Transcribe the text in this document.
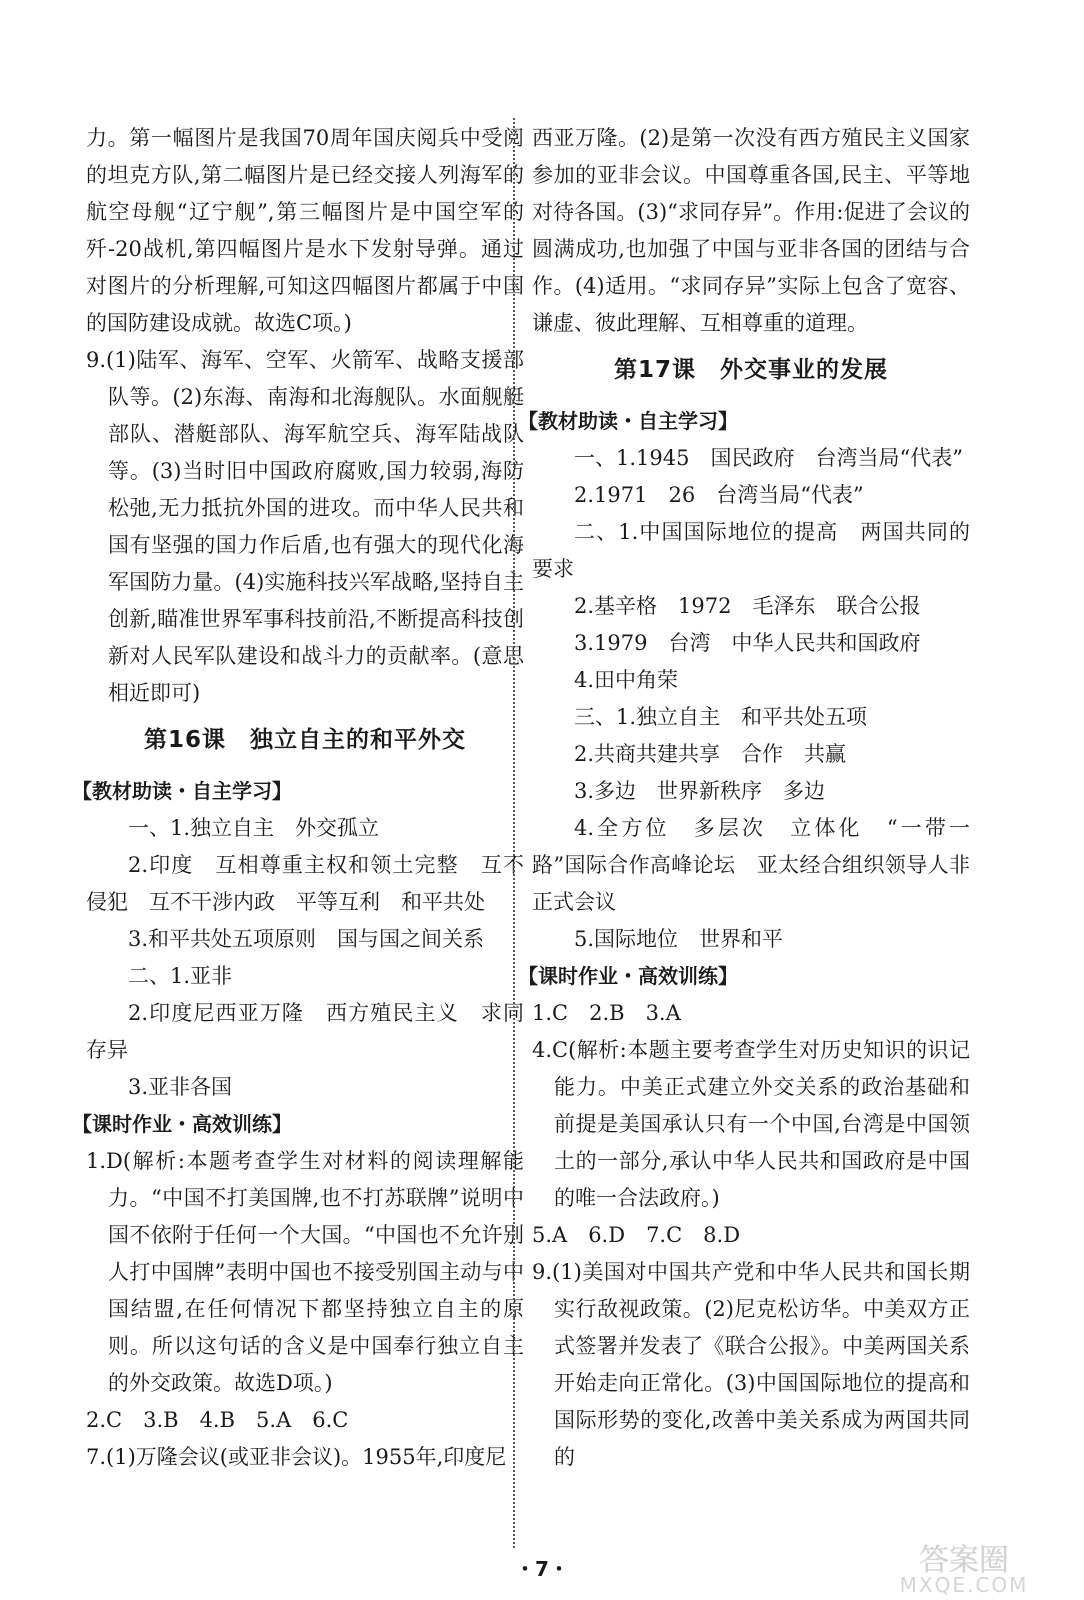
力。第一幅图片是我国70周年国庆阅兵中受阅的坦克方队,第二幅图片是已经交接人列海军的航空母舰“辽宁舰”,第三幅图片是中国空军的歼-20战机,第四幅图片是水下发射导弹。通过对图片的分析理解,可知这四幅图片都属于中国的国防建设成就。故选C项。)

9.(1)陆军、海军、空军、火箭军、战略支援部队等。(2)东海、南海和北海舰队。水面舰艇部队、潜艇部队、海军航空兵、海军陆战队等。(3)当时旧中国政府腐败,国力较弱,海防松弛,无力抵抗外国的进攻。而中华人民共和国有坚强的国力作后盾,也有强大的现代化海军国防力量。(4)实施科技兴军战略,坚持自主创新,瞄准世界军事科技前沿,不断提高科技创新对人民军队建设和战斗力的贡献率。(意思相近即可)

第16课　独立自主的和平外交

【教材助读・自主学习】

一、1.独立自主　外交孤立

2.印度　互相尊重主权和领土完整　互不侵犯　互不干涉内政　平等互利　和平共处

3.和平共处五项原则　国与国之间关系

二、1.亚非

2.印度尼西亚万隆　西方殖民主义　求同存异

3.亚非各国

【课时作业・高效训练】

1.D(解析:本题考查学生对材料的阅读理解能力。“中国不打美国牌,也不打苏联牌”说明中国不依附于任何一个大国。“中国也不允许别人打中国牌”表明中国也不接受别国主动与中国结盟,在任何情况下都坚持独立自主的原则。所以这句话的含义是中国奉行独立自主的外交政策。故选D项。)

2.C　3.B　4.B　5.A　6.C

7.(1)万隆会议(或亚非会议)。1955年,印度尼

西亚万隆。(2)是第一次没有西方殖民主义国家参加的亚非会议。中国尊重各国,民主、平等地对待各国。(3)“求同存异”。作用:促进了会议的圆满成功,也加强了中国与亚非各国的团结与合作。(4)适用。“求同存异”实际上包含了宽容、谦虚、彼此理解、互相尊重的道理。

第17课　外交事业的发展

【教材助读・自主学习】

一、1.1945　国民政府　台湾当局“代表”

2.1971　26　台湾当局“代表”

二、1.中国国际地位的提高　两国共同的要求

2.基辛格　1972　毛泽东　联合公报

3.1979　台湾　中华人民共和国政府

4.田中角荣

三、1.独立自主　和平共处五项

2.共商共建共享　合作　共赢

3.多边　世界新秩序　多边

4.全方位　多层次　立体化　“一带一路”国际合作高峰论坛　亚太经合组织领导人非正式会议

5.国际地位　世界和平

【课时作业・高效训练】

1.C　2.B　3.A

4.C(解析:本题主要考查学生对历史知识的识记能力。中美正式建立外交关系的政治基础和前提是美国承认只有一个中国,台湾是中国领土的一部分,承认中华人民共和国政府是中国的唯一合法政府。)

5.A　6.D　7.C　8.D

9.(1)美国对中国共产党和中华人民共和国长期实行敌视政策。(2)尼克松访华。中美双方正式签署并发表了《联合公报》。中美两国关系开始走向正常化。(3)中国国际地位的提高和国际形势的变化,改善中美关系成为两国共同的

・7・	答案圈
MXQE.COM
